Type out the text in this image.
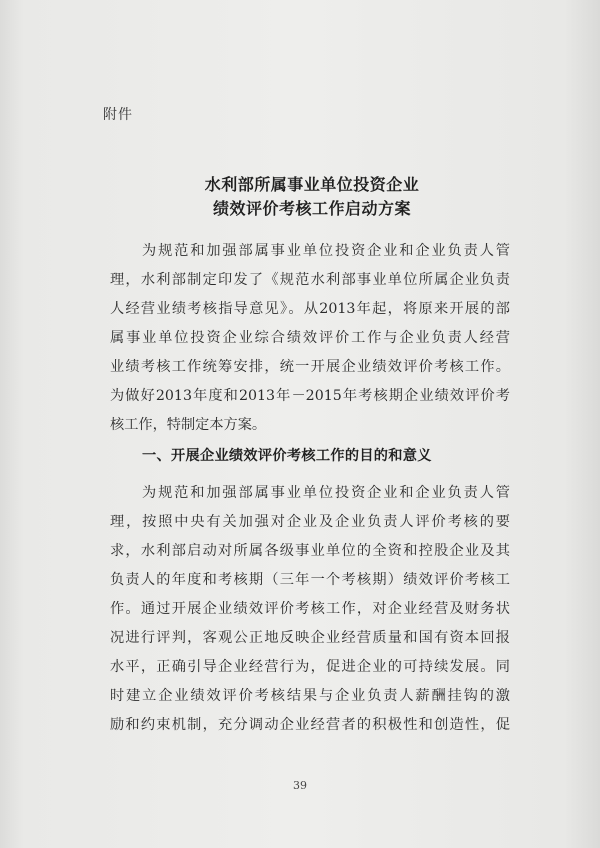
附件
水利部所属事业单位投资企业
绩效评价考核工作启动方案
为规范和加强部属事业单位投资企业和企业负责人管
理，水利部制定印发了《规范水利部事业单位所属企业负责
人经营业绩考核指导意见》。从2013年起，将原来开展的部
属事业单位投资企业综合绩效评价工作与企业负责人经营
业绩考核工作统筹安排，统一开展企业绩效评价考核工作。
为做好2013年度和2013年－2015年考核期企业绩效评价考
核工作，特制定本方案。
一、开展企业绩效评价考核工作的目的和意义
为规范和加强部属事业单位投资企业和企业负责人管
理，按照中央有关加强对企业及企业负责人评价考核的要
求，水利部启动对所属各级事业单位的全资和控股企业及其
负责人的年度和考核期（三年一个考核期）绩效评价考核工
作。通过开展企业绩效评价考核工作，对企业经营及财务状
况进行评判，客观公正地反映企业经营质量和国有资本回报
水平，正确引导企业经营行为，促进企业的可持续发展。同
时建立企业绩效评价考核结果与企业负责人薪酬挂钩的激
励和约束机制，充分调动企业经营者的积极性和创造性，促
39
